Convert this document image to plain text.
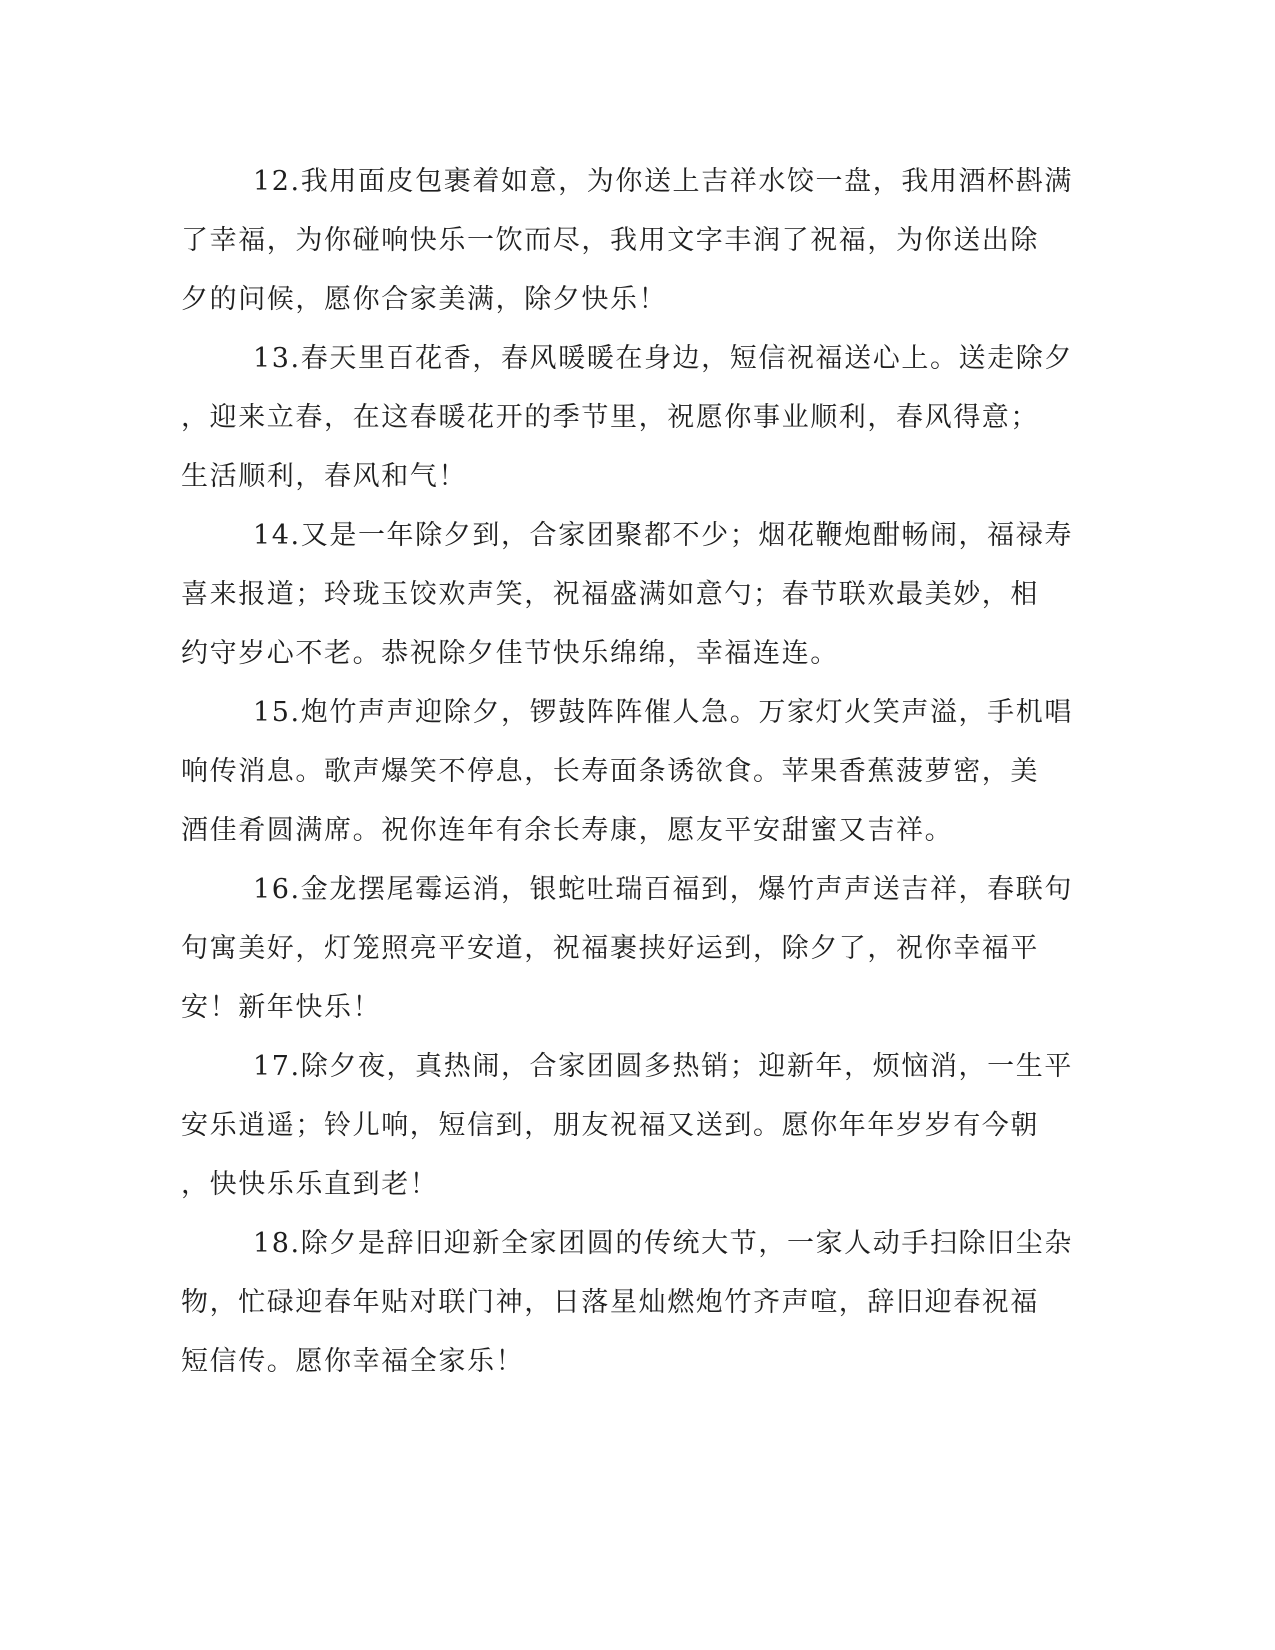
12.我用面皮包裹着如意，为你送上吉祥水饺一盘，我用酒杯斟满
了幸福，为你碰响快乐一饮而尽，我用文字丰润了祝福，为你送出除
夕的问候，愿你合家美满，除夕快乐！
13.春天里百花香，春风暖暖在身边，短信祝福送心上。送走除夕
，迎来立春，在这春暖花开的季节里，祝愿你事业顺利，春风得意；
生活顺利，春风和气！
14.又是一年除夕到，合家团聚都不少；烟花鞭炮酣畅闹，福禄寿
喜来报道；玲珑玉饺欢声笑，祝福盛满如意勺；春节联欢最美妙，相
约守岁心不老。恭祝除夕佳节快乐绵绵，幸福连连。
15.炮竹声声迎除夕，锣鼓阵阵催人急。万家灯火笑声溢，手机唱
响传消息。歌声爆笑不停息，长寿面条诱欲食。苹果香蕉菠萝密，美
酒佳肴圆满席。祝你连年有余长寿康，愿友平安甜蜜又吉祥。
16.金龙摆尾霉运消，银蛇吐瑞百福到，爆竹声声送吉祥，春联句
句寓美好，灯笼照亮平安道，祝福裹挟好运到，除夕了，祝你幸福平
安！新年快乐！
17.除夕夜，真热闹，合家团圆多热销；迎新年，烦恼消，一生平
安乐逍遥；铃儿响，短信到，朋友祝福又送到。愿你年年岁岁有今朝
，快快乐乐直到老！
18.除夕是辞旧迎新全家团圆的传统大节，一家人动手扫除旧尘杂
物，忙碌迎春年贴对联门神，日落星灿燃炮竹齐声喧，辞旧迎春祝福
短信传。愿你幸福全家乐！
